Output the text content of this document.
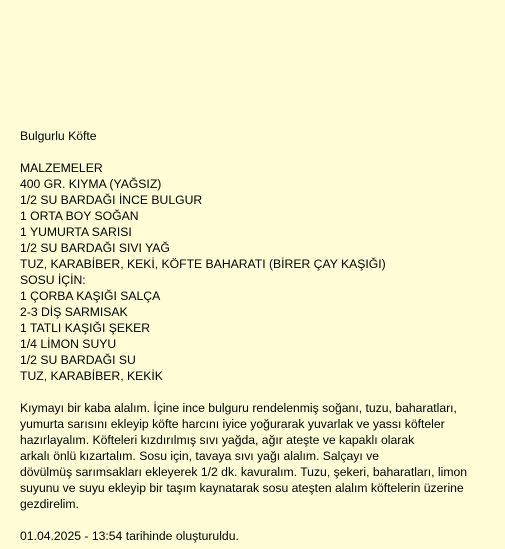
Bulgurlu Köfte
MALZEMELER
400 GR. KIYMA (YAĞSIZ)
1/2 SU BARDAĞI İNCE BULGUR
1 ORTA BOY SOĞAN
1 YUMURTA SARISI
1/2 SU BARDAĞI SIVI YAĞ
TUZ, KARABİBER, KEKİ, KÖFTE BAHARATI (BİRER ÇAY KAŞIĞI)
SOSU İÇİN:
1 ÇORBA KAŞIĞI SALÇA
2-3 DİŞ SARMISAK
1 TATLI KAŞIĞI ŞEKER
1/4 LİMON SUYU
1/2 SU BARDAĞI SU
TUZ, KARABİBER, KEKİK
Kıymayı bir kaba alalım. İçine ince bulguru rendelenmiş soğanı, tuzu, baharatları,
yumurta sarısını ekleyip köfte harcını iyice yoğurarak yuvarlak ve yassı köfteler
hazırlayalım. Köfteleri kızdırılmış sıvı yağda, ağır ateşte ve kapaklı olarak
arkalı önlü kızartalım. Sosu için, tavaya sıvı yağı alalım. Salçayı ve
dövülmüş sarımsakları ekleyerek 1/2 dk. kavuralım. Tuzu, şekeri, baharatları, limon
suyunu ve suyu ekleyip bir taşım kaynatarak sosu ateşten alalım köftelerin üzerine
gezdirelim.
01.04.2025 - 13:54 tarihinde oluşturuldu.
